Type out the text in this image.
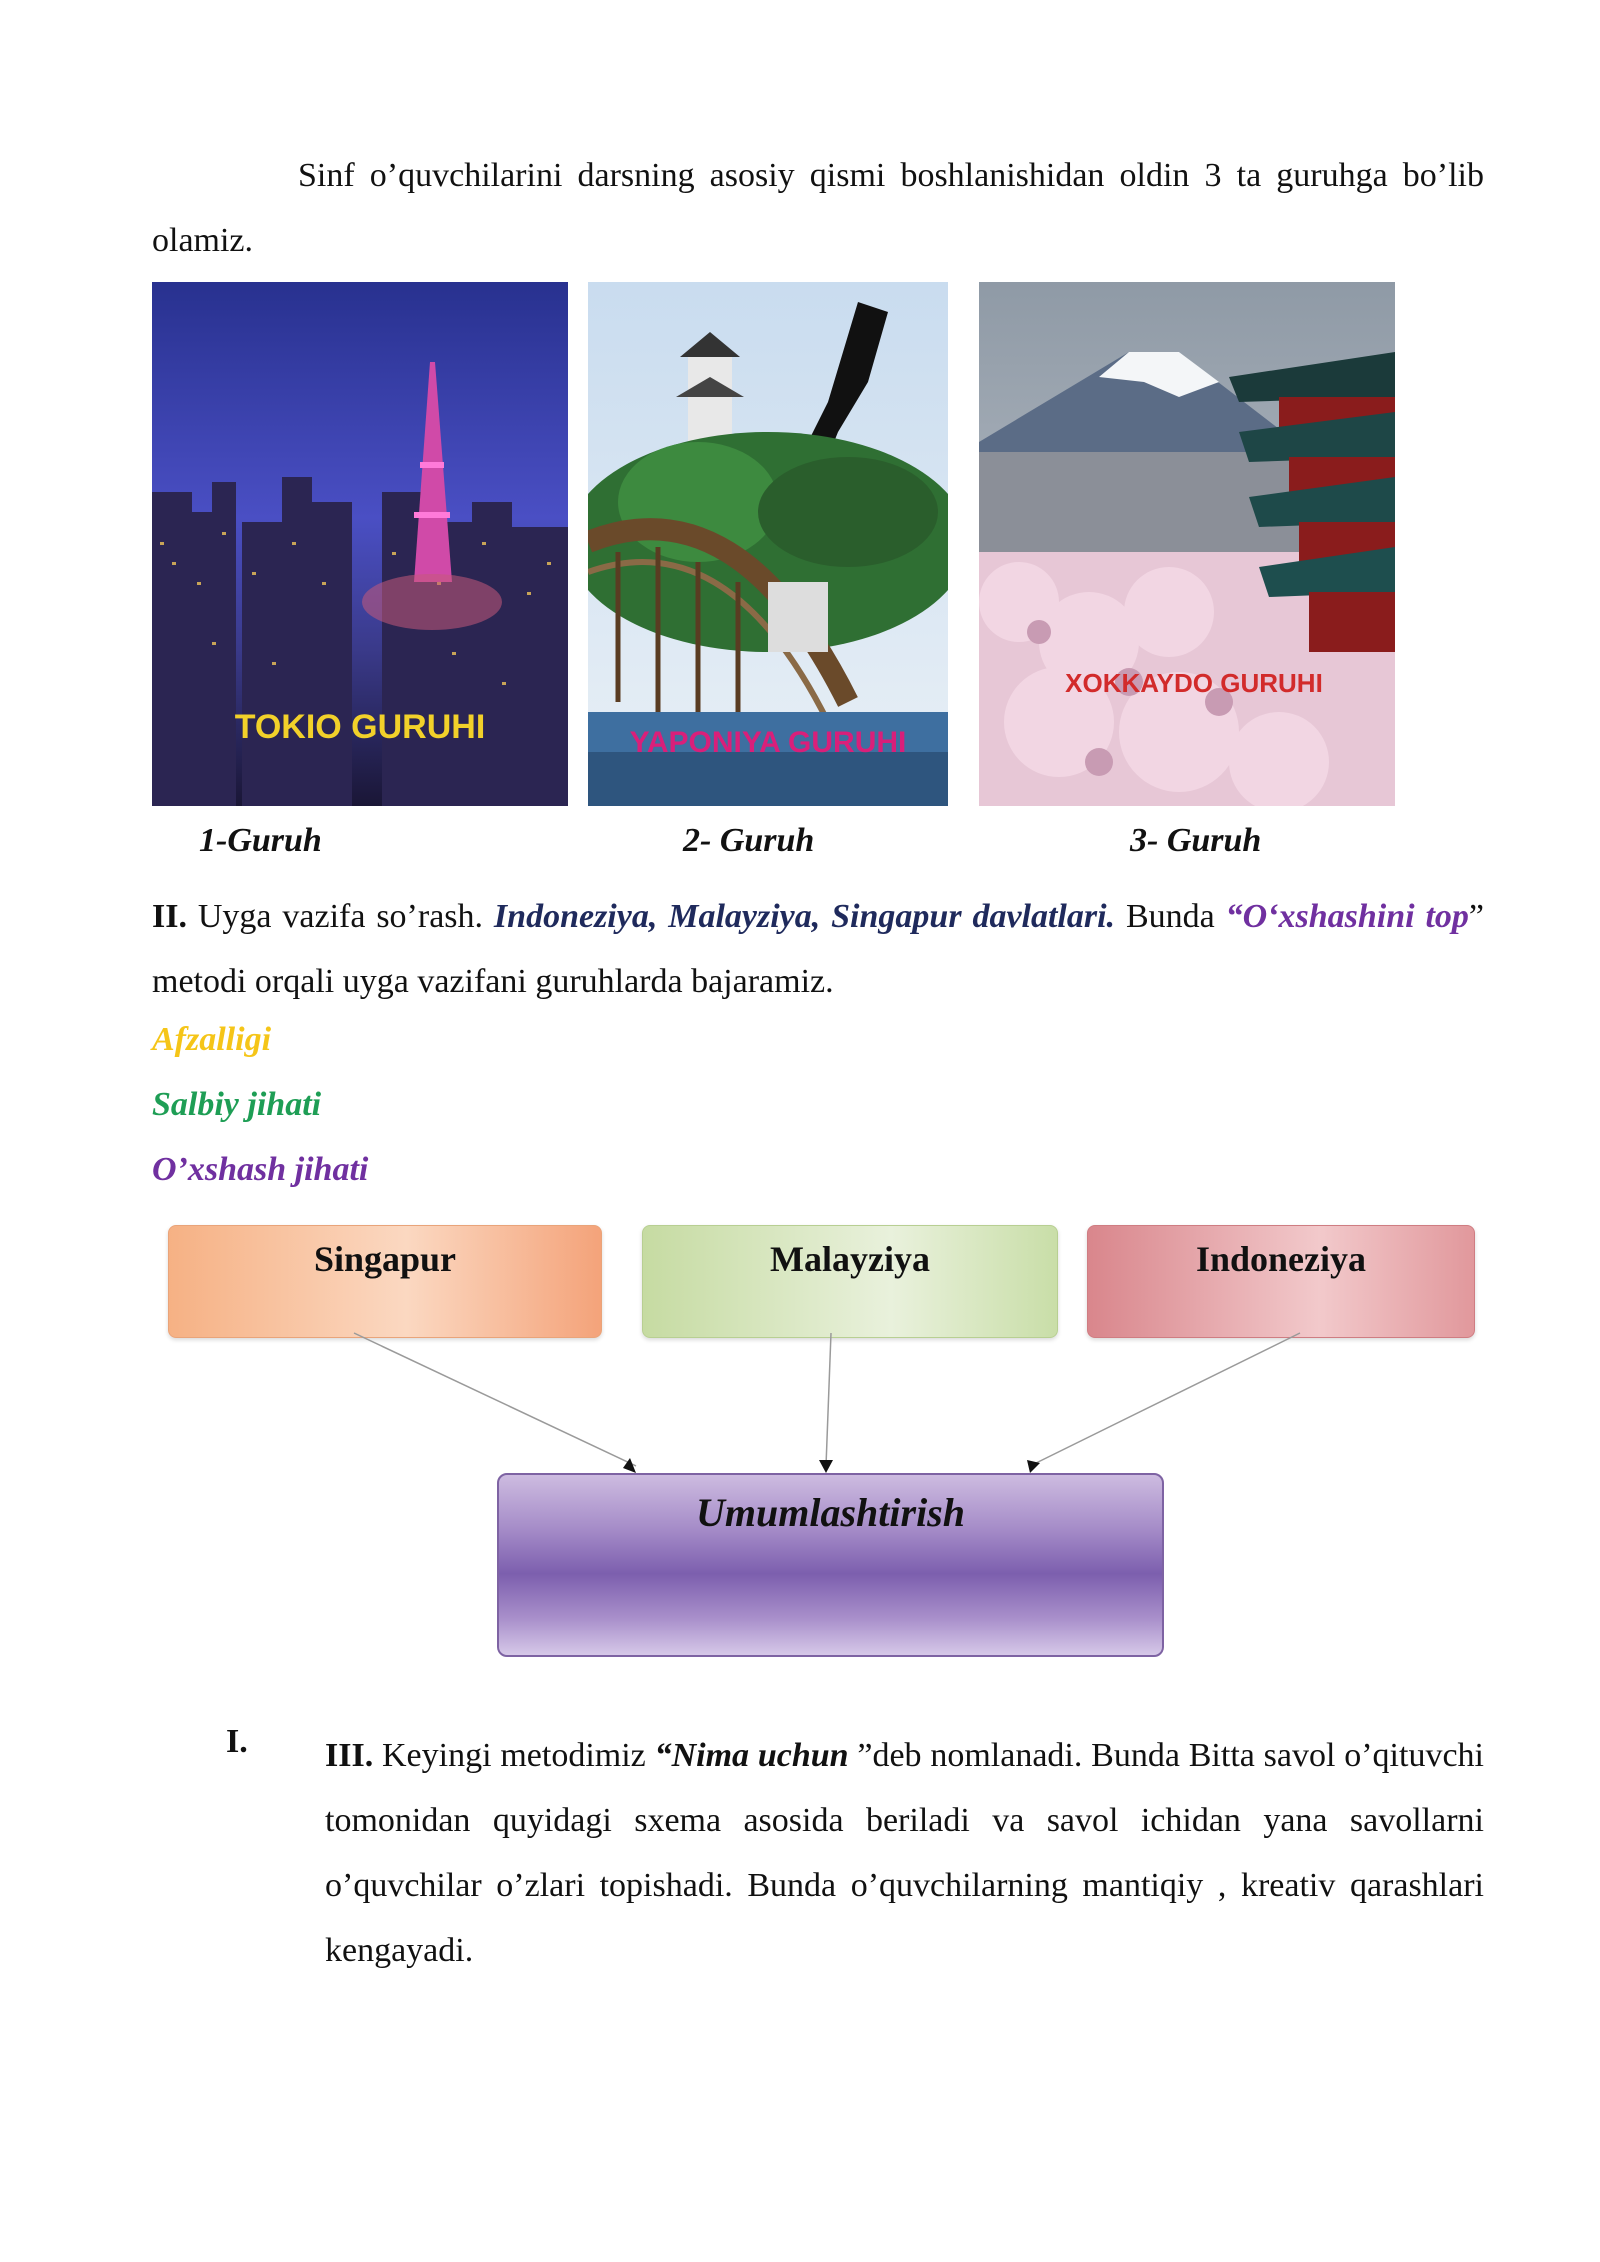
Sinf o’quvchilarini darsning asosiy qismi boshlanishidan oldin 3 ta guruhga bo’lib olamiz.
TOKIO GURUHI	YAPONIYA GURUHI
XOKKAYDO GURUHI
1-Guruh	2- Guruh	3- Guruh
II. Uyga vazifa so’rash. Indoneziya, Malayziya, Singapur davlatlari. Bunda “O‘xshashini top” metodi orqali uyga vazifani guruhlarda bajaramiz.
Afzalligi
Salbiy jihati
O’xshash jihati
Singapur	Malayziya	Indoneziya
Umumlashtirish
I. III. Keyingi metodimiz “Nima uchun ”deb nomlanadi. Bunda Bitta savol o’qituvchi tomonidan quyidagi sxema asosida beriladi va savol ichidan yana savollarni o’quvchilar o’zlari topishadi. Bunda o’quvchilarning mantiqiy , kreativ qarashlari kengayadi.
